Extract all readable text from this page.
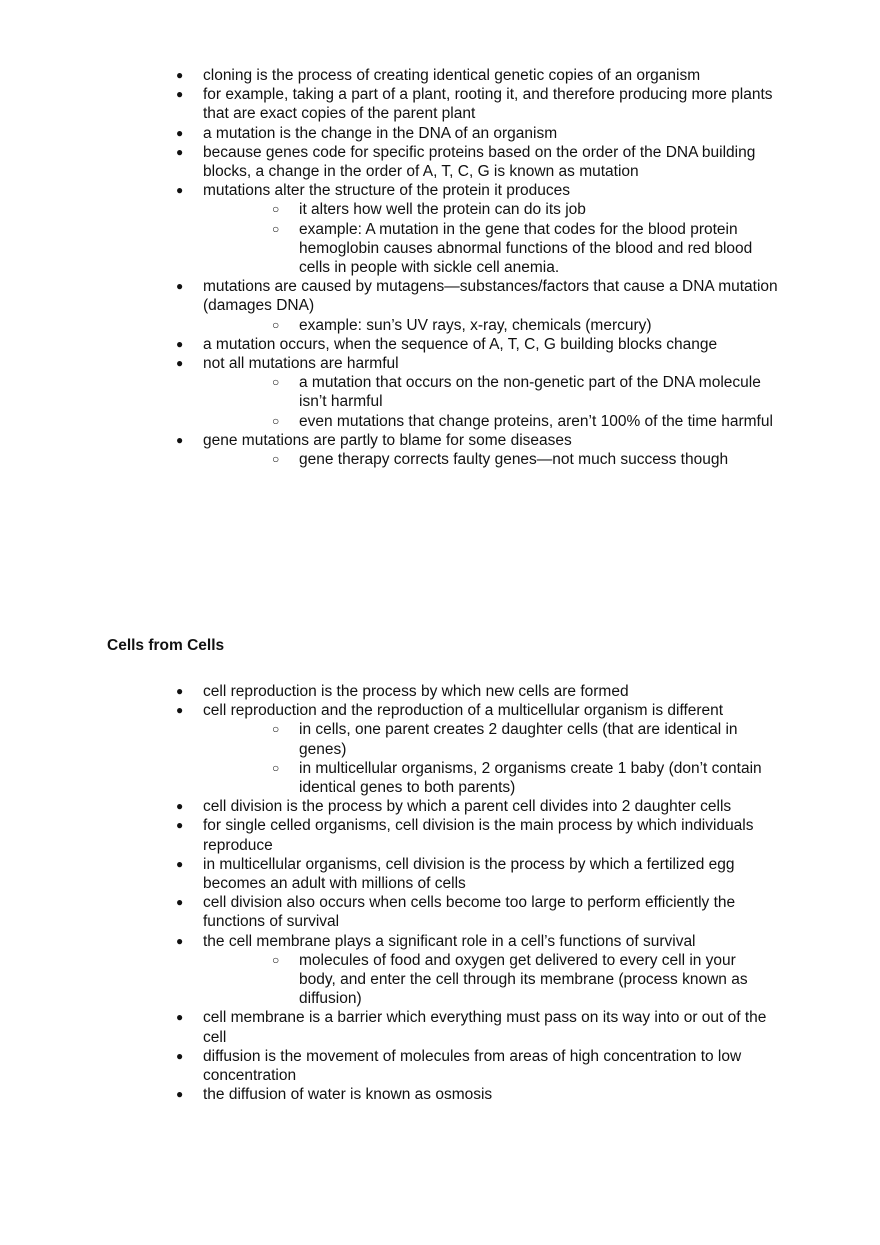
● cloning is the process of creating identical genetic copies of an organism
● for example, taking a part of a plant, rooting it, and therefore producing more plants that are exact copies of the parent plant
● a mutation is the change in the DNA of an organism
● because genes code for specific proteins based on the order of the DNA building blocks, a change in the order of A, T, C, G is known as mutation
● mutations alter the structure of the protein it produces
○ it alters how well the protein can do its job
○ example: A mutation in the gene that codes for the blood protein hemoglobin causes abnormal functions of the blood and red blood cells in people with sickle cell anemia.
● mutations are caused by mutagens—substances/factors that cause a DNA mutation (damages DNA)
○ example: sun’s UV rays, x-ray, chemicals (mercury)
● a mutation occurs, when the sequence of A, T, C, G building blocks change
● not all mutations are harmful
○ a mutation that occurs on the non-genetic part of the DNA molecule isn’t harmful
○ even mutations that change proteins, aren’t 100% of the time harmful
● gene mutations are partly to blame for some diseases
○ gene therapy corrects faulty genes—not much success though
Cells from Cells
● cell reproduction is the process by which new cells are formed
● cell reproduction and the reproduction of a multicellular organism is different
○ in cells, one parent creates 2 daughter cells (that are identical in genes)
○ in multicellular organisms, 2 organisms create 1 baby (don’t contain identical genes to both parents)
● cell division is the process by which a parent cell divides into 2 daughter cells
● for single celled organisms, cell division is the main process by which individuals reproduce
● in multicellular organisms, cell division is the process by which a fertilized egg becomes an adult with millions of cells
● cell division also occurs when cells become too large to perform efficiently the functions of survival
● the cell membrane plays a significant role in a cell’s functions of survival
○ molecules of food and oxygen get delivered to every cell in your body, and enter the cell through its membrane (process known as diffusion)
● cell membrane is a barrier which everything must pass on its way into or out of the cell
● diffusion is the movement of molecules from areas of high concentration to low concentration
● the diffusion of water is known as osmosis
